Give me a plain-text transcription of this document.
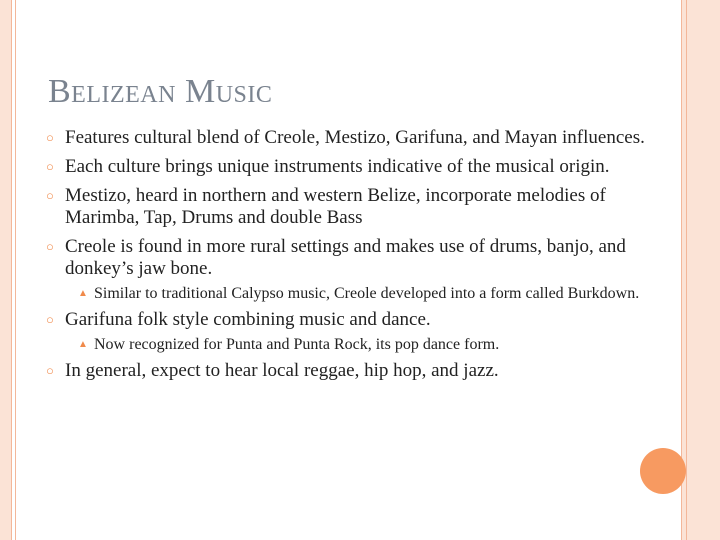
Belizean Music
○ Features cultural blend of Creole, Mestizo, Garifuna, and Mayan influences.
○ Each culture brings unique instruments indicative of the musical origin.
○ Mestizo, heard in northern and western Belize, incorporate melodies of Marimba, Tap, Drums and double Bass
○ Creole is found in more rural settings and makes use of drums, banjo, and donkey’s jaw bone.
▲ Similar to traditional Calypso music, Creole developed into a form called Burkdown.
○ Garifuna folk style combining music and dance.
▲ Now recognized for Punta and Punta Rock, its pop dance form.
○ In general, expect to hear local reggae, hip hop, and jazz.
